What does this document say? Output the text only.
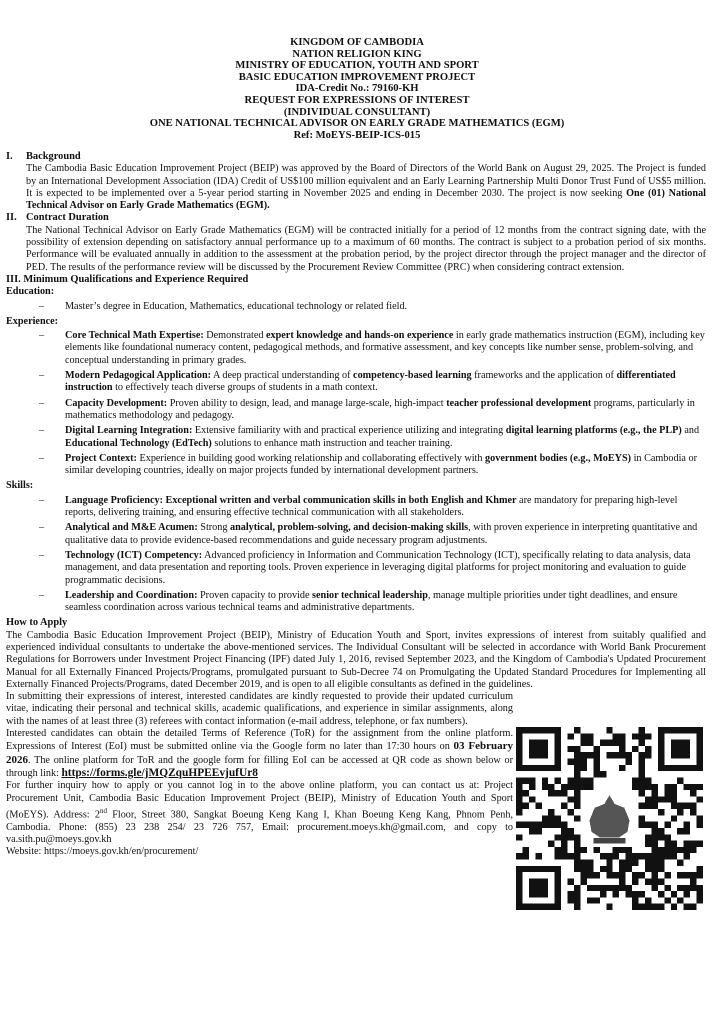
KINGDOM OF CAMBODIA
NATION RELIGION KING
MINISTRY OF EDUCATION, YOUTH AND SPORT
BASIC EDUCATION IMPROVEMENT PROJECT
IDA-Credit No.: 79160-KH
REQUEST FOR EXPRESSIONS OF INTEREST
(INDIVIDUAL CONSULTANT)
ONE NATIONAL TECHNICAL ADVISOR ON EARLY GRADE MATHEMATICS (EGM)
Ref: MoEYS-BEIP-ICS-015
I. Background
The Cambodia Basic Education Improvement Project (BEIP) was approved by the Board of Directors of the World Bank on August 29, 2025. The Project is funded by an International Development Association (IDA) Credit of US$100 million equivalent and an Early Learning Partnership Multi Donor Trust Fund of US$5 million. It is expected to be implemented over a 5-year period starting in November 2025 and ending in December 2030. The project is now seeking One (01) National Technical Advisor on Early Grade Mathematics (EGM).
II. Contract Duration
The National Technical Advisor on Early Grade Mathematics (EGM) will be contracted initially for a period of 12 months from the contract signing date, with the possibility of extension depending on satisfactory annual performance up to a maximum of 60 months. The contract is subject to a probation period of six months. Performance will be evaluated annually in addition to the assessment at the probation period, by the project director through the project manager and the director of PED. The results of the performance review will be discussed by the Procurement Review Committee (PRC) when considering contract extension.
III. Minimum Qualifications and Experience Required
Education:
– Master’s degree in Education, Mathematics, educational technology or related field.
Experience:
– Core Technical Math Expertise: Demonstrated expert knowledge and hands-on experience in early grade mathematics instruction (EGM), including key elements like foundational numeracy content, pedagogical methods, and formative assessment, and key concepts like number sense, problem-solving, and conceptual understanding in primary grades.
– Modern Pedagogical Application: A deep practical understanding of competency-based learning frameworks and the application of differentiated instruction to effectively teach diverse groups of students in a math context.
– Capacity Development: Proven ability to design, lead, and manage large-scale, high-impact teacher professional development programs, particularly in mathematics methodology and pedagogy.
– Digital Learning Integration: Extensive familiarity with and practical experience utilizing and integrating digital learning platforms (e.g., the PLP) and Educational Technology (EdTech) solutions to enhance math instruction and teacher training.
– Project Context: Experience in building good working relationship and collaborating effectively with government bodies (e.g., MoEYS) in Cambodia or similar developing countries, ideally on major projects funded by international development partners.
Skills:
– Language Proficiency: Exceptional written and verbal communication skills in both English and Khmer are mandatory for preparing high-level reports, delivering training, and ensuring effective technical communication with all stakeholders.
– Analytical and M&E Acumen: Strong analytical, problem-solving, and decision-making skills, with proven experience in interpreting quantitative and qualitative data to provide evidence-based recommendations and guide necessary program adjustments.
– Technology (ICT) Competency: Advanced proficiency in Information and Communication Technology (ICT), specifically relating to data analysis, data management, and data presentation and reporting tools. Proven experience in leveraging digital platforms for project monitoring and evaluation to guide programmatic decisions.
– Leadership and Coordination: Proven capacity to provide senior technical leadership, manage multiple priorities under tight deadlines, and ensure seamless coordination across various technical teams and administrative departments.
How to Apply
The Cambodia Basic Education Improvement Project (BEIP), Ministry of Education Youth and Sport, invites expressions of interest from suitably qualified and experienced individual consultants to undertake the above-mentioned services. The Individual Consultant will be selected in accordance with World Bank Procurement Regulations for Borrowers under Investment Project Financing (IPF) dated July 1, 2016, revised September 2023, and the Kingdom of Cambodia's Updated Procurement Manual for all Externally Financed Projects/Programs, promulgated pursuant to Sub-Decree 74 on Promulgating the Updated Standard Procedures for Implementing all Externally Financed Projects/Programs, dated December 2019, and is open to all eligible consultants as defined in the guidelines.
In submitting their expressions of interest, interested candidates are kindly requested to provide their updated curriculum vitae, indicating their personal and technical skills, academic qualifications, and experience in similar assignments, along with the names of at least three (3) referees with contact information (e-mail address, telephone, or fax numbers).
Interested candidates can obtain the detailed Terms of Reference (ToR) for the assignment from the online platform. Expressions of Interest (EoI) must be submitted online via the Google form no later than 17:30 hours on 03 February 2026. The online platform for ToR and the google form for filling EoI can be accessed at QR code as shown below or through link: https://forms.gle/jMQZquHPEEvjufUr8
For further inquiry how to apply or you cannot log in to the above online platform, you can contact us at: Project Procurement Unit, Cambodia Basic Education Improvement Project (BEIP), Ministry of Education Youth and Sport (MoEYS). Address: 2nd Floor, Street 380, Sangkat Boeung Keng Kang I, Khan Boeung Keng Kang, Phnom Penh, Cambodia. Phone: (855) 23 238 254/ 23 726 757, Email: procurement.moeys.kh@gmail.com, and copy to va.sith.pu@moeys.gov.kh
Website: https://moeys.gov.kh/en/procurement/
